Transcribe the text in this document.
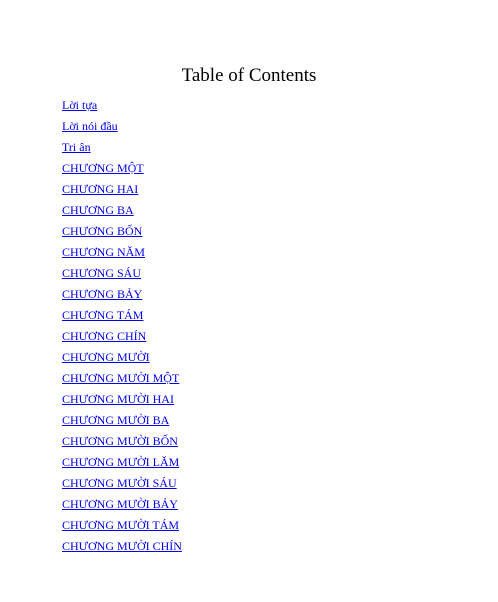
Table of Contents
Lời tựa
Lời nói đầu
Tri ân
CHƯƠNG MỘT
CHƯƠNG HAI
CHƯƠNG BA
CHƯƠNG BỐN
CHƯƠNG NĂM
CHƯƠNG SÁU
CHƯƠNG BẢY
CHƯƠNG TÁM
CHƯƠNG CHÍN
CHƯƠNG MƯỜI
CHƯƠNG MƯỜI MỘT
CHƯƠNG MƯỜI HAI
CHƯƠNG MƯỜI BA
CHƯƠNG MƯỜI BỐN
CHƯƠNG MƯỜI LĂM
CHƯƠNG MƯỜI SÁU
CHƯƠNG MƯỜI BẢY
CHƯƠNG MƯỜI TÁM
CHƯƠNG MƯỜI CHÍN
